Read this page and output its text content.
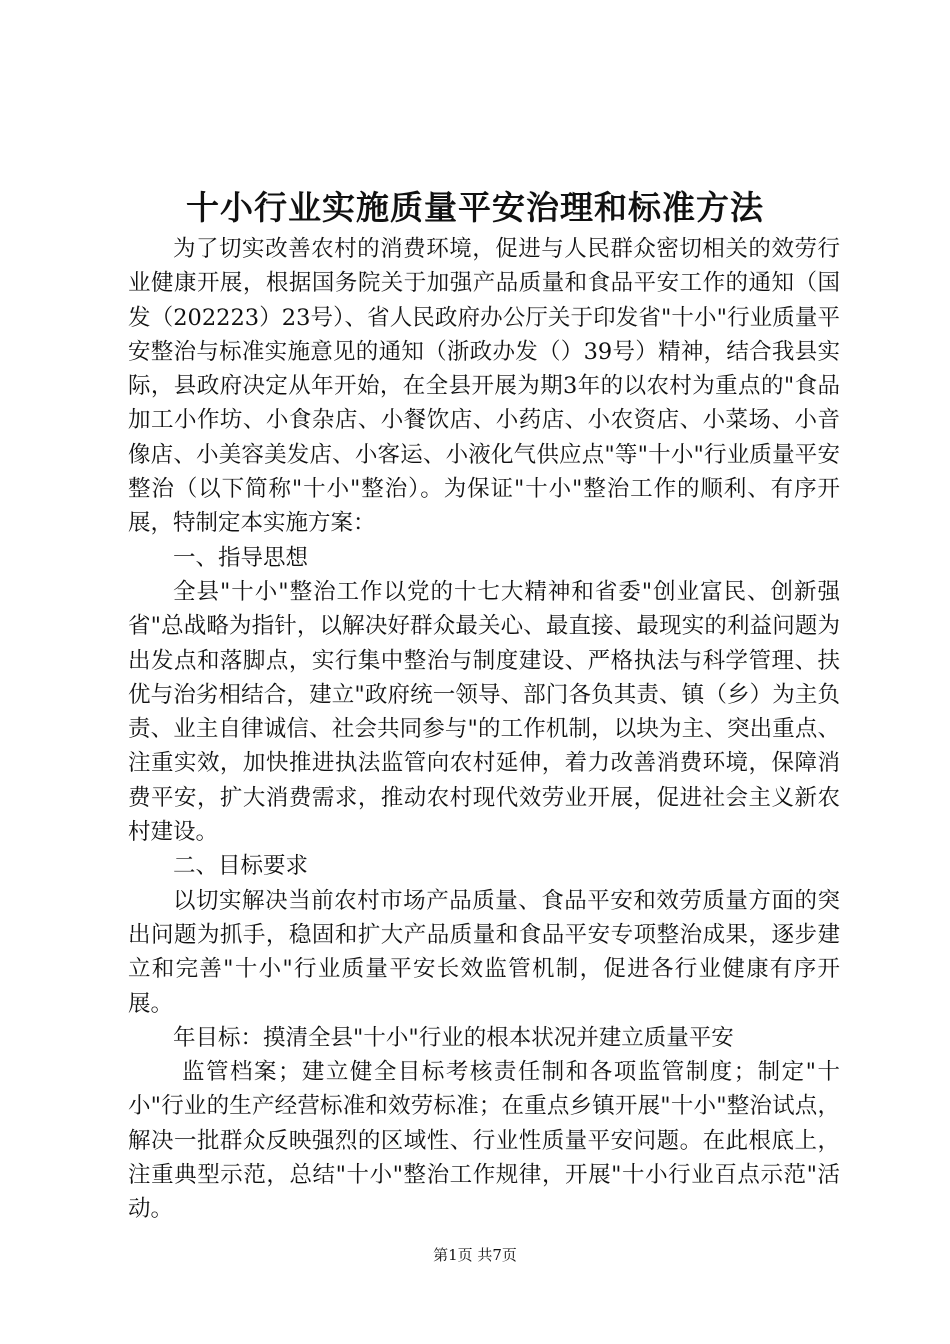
十小行业实施质量平安治理和标准方法

为了切实改善农村的消费环境，促进与人民群众密切相关的效劳行业健康开展，根据国务院关于加强产品质量和食品平安工作的通知（国发（202223）23号）、省人民政府办公厅关于印发省"十小"行业质量平安整治与标准实施意见的通知（浙政办发（）39号）精神，结合我县实际，县政府决定从年开始，在全县开展为期3年的以农村为重点的"食品加工小作坊、小食杂店、小餐饮店、小药店、小农资店、小菜场、小音像店、小美容美发店、小客运、小液化气供应点"等"十小"行业质量平安整治（以下简称"十小"整治）。为保证"十小"整治工作的顺利、有序开展，特制定本实施方案：

一、指导思想

全县"十小"整治工作以党的十七大精神和省委"创业富民、创新强省"总战略为指针，以解决好群众最关心、最直接、最现实的利益问题为出发点和落脚点，实行集中整治与制度建设、严格执法与科学管理、扶优与治劣相结合，建立"政府统一领导、部门各负其责、镇（乡）为主负责、业主自律诚信、社会共同参与"的工作机制，以块为主、突出重点、注重实效，加快推进执法监管向农村延伸，着力改善消费环境，保障消费平安，扩大消费需求，推动农村现代效劳业开展，促进社会主义新农村建设。

二、目标要求

以切实解决当前农村市场产品质量、食品平安和效劳质量方面的突出问题为抓手，稳固和扩大产品质量和食品平安专项整治成果，逐步建立和完善"十小"行业质量平安长效监管机制，促进各行业健康有序开展。

年目标：摸清全县"十小"行业的根本状况并建立质量平安

监管档案；建立健全目标考核责任制和各项监管制度；制定"十小"行业的生产经营标准和效劳标准；在重点乡镇开展"十小"整治试点，解决一批群众反映强烈的区域性、行业性质量平安问题。在此根底上，注重典型示范，总结"十小"整治工作规律，开展"十小行业百点示范"活动。

第1页 共7页
